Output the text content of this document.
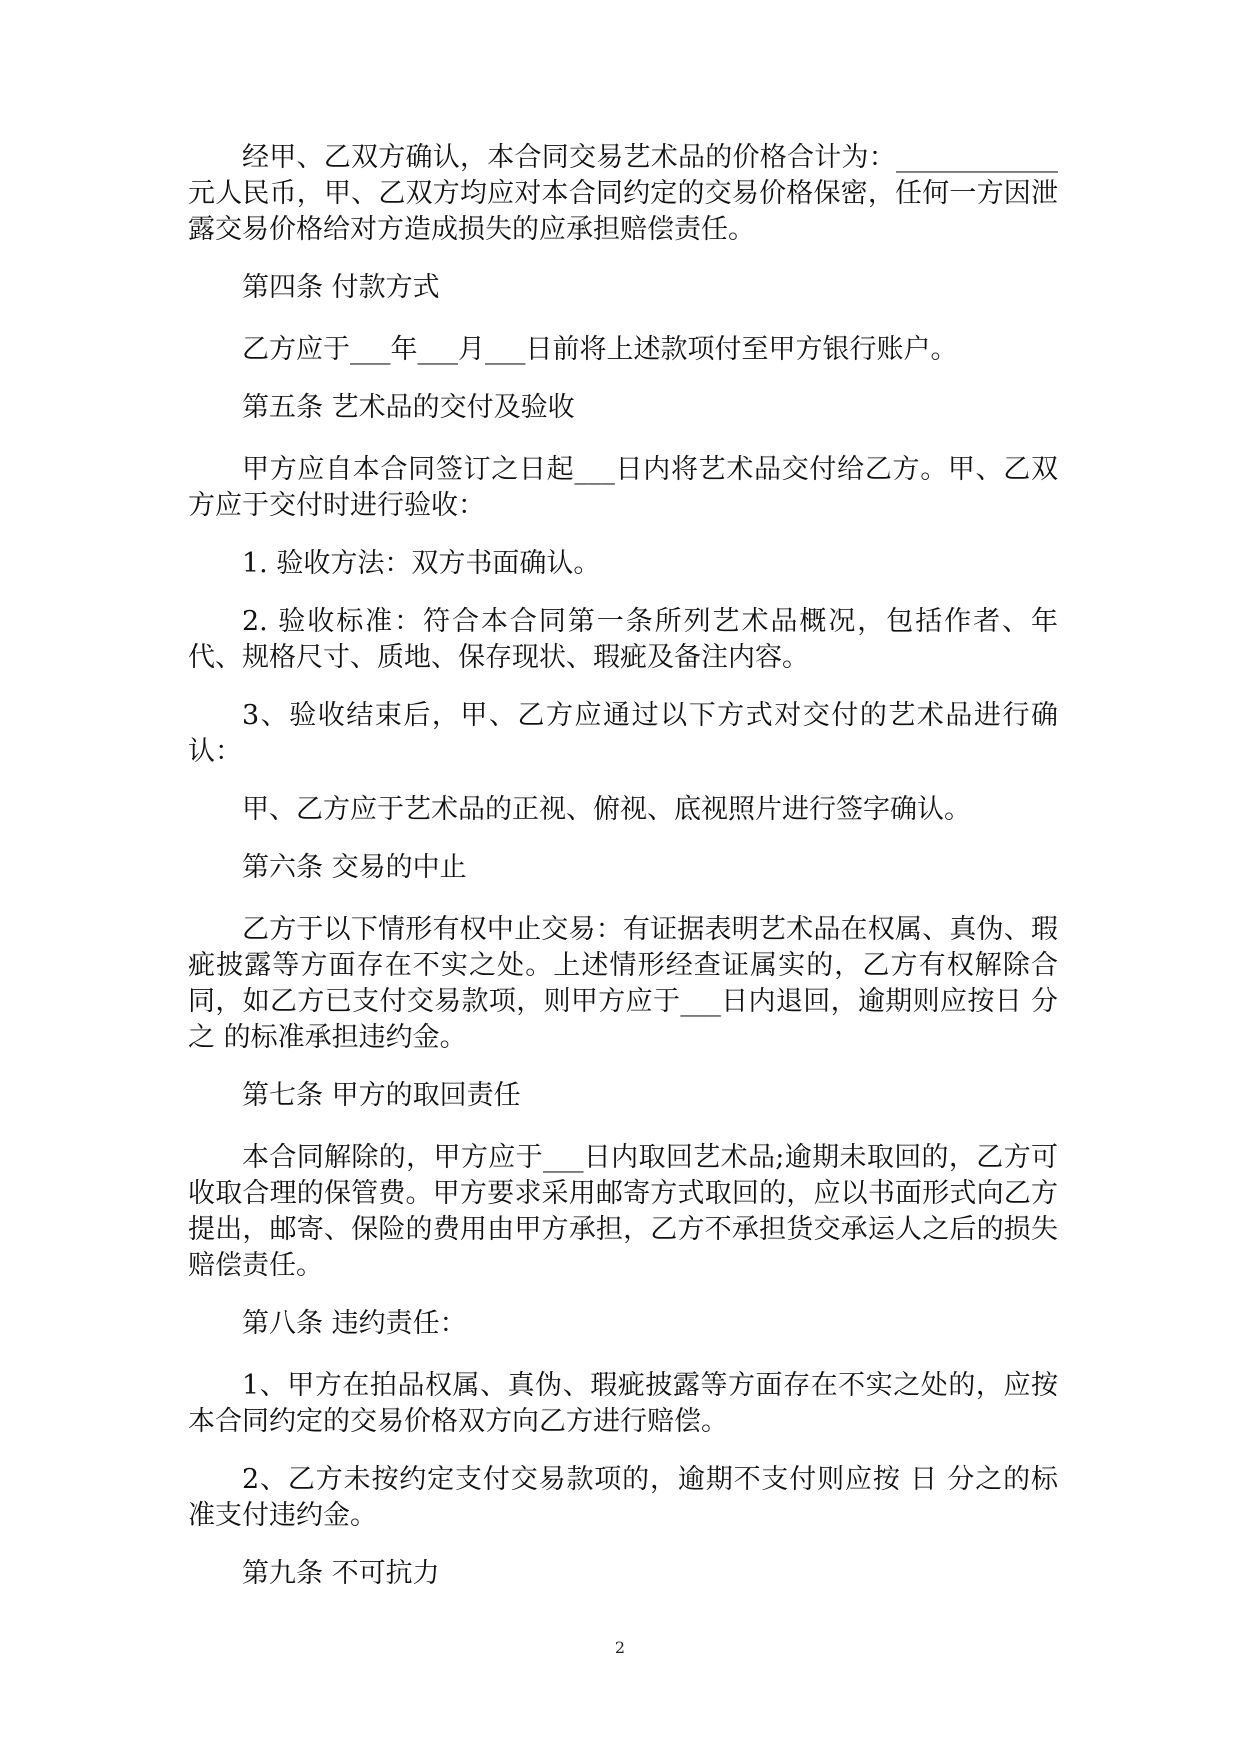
经甲、乙双方确认，本合同交易艺术品的价格合计为：____________元人民币，甲、乙双方均应对本合同约定的交易价格保密，任何一方因泄露交易价格给对方造成损失的应承担赔偿责任。

第四条 付款方式

乙方应于___年___月___日前将上述款项付至甲方银行账户。

第五条 艺术品的交付及验收

甲方应自本合同签订之日起___日内将艺术品交付给乙方。甲、乙双方应于交付时进行验收：

1. 验收方法：双方书面确认。

2. 验收标准：符合本合同第一条所列艺术品概况，包括作者、年代、规格尺寸、质地、保存现状、瑕疵及备注内容。

3、验收结束后，甲、乙方应通过以下方式对交付的艺术品进行确认：

甲、乙方应于艺术品的正视、俯视、底视照片进行签字确认。

第六条 交易的中止

乙方于以下情形有权中止交易：有证据表明艺术品在权属、真伪、瑕疵披露等方面存在不实之处。上述情形经查证属实的，乙方有权解除合同，如乙方已支付交易款项，则甲方应于___日内退回，逾期则应按日 分之 的标准承担违约金。

第七条 甲方的取回责任

本合同解除的，甲方应于___日内取回艺术品;逾期未取回的，乙方可收取合理的保管费。甲方要求采用邮寄方式取回的，应以书面形式向乙方提出，邮寄、保险的费用由甲方承担，乙方不承担货交承运人之后的损失赔偿责任。

第八条 违约责任：

1、甲方在拍品权属、真伪、瑕疵披露等方面存在不实之处的，应按本合同约定的交易价格双方向乙方进行赔偿。

2、乙方未按约定支付交易款项的，逾期不支付则应按 日 分之的标准支付违约金。

第九条 不可抗力

2
